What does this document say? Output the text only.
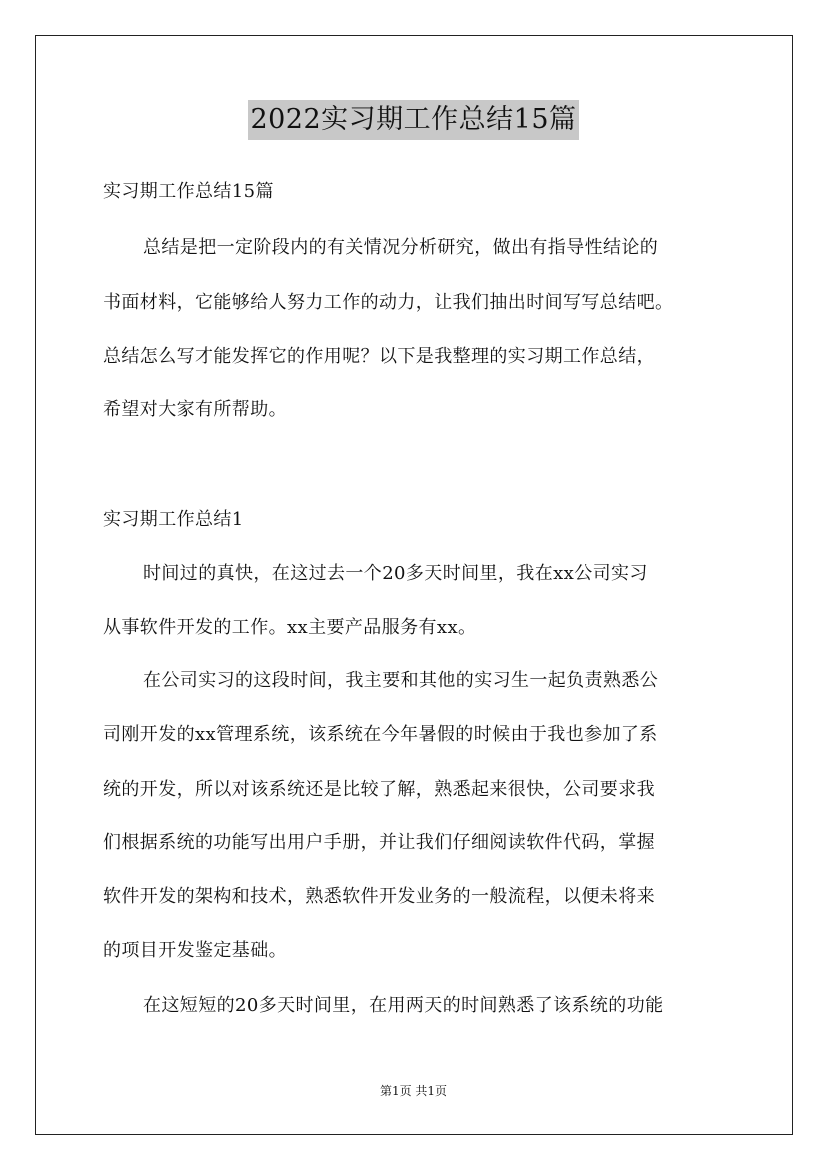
2022实习期工作总结15篇
实习期工作总结15篇
总结是把一定阶段内的有关情况分析研究，做出有指导性结论的
书面材料，它能够给人努力工作的动力，让我们抽出时间写写总结吧。
总结怎么写才能发挥它的作用呢？以下是我整理的实习期工作总结，
希望对大家有所帮助。
实习期工作总结1
时间过的真快，在这过去一个20多天时间里，我在xx公司实习
从事软件开发的工作。xx主要产品服务有xx。
在公司实习的这段时间，我主要和其他的实习生一起负责熟悉公
司刚开发的xx管理系统，该系统在今年暑假的时候由于我也参加了系
统的开发，所以对该系统还是比较了解，熟悉起来很快，公司要求我
们根据系统的功能写出用户手册，并让我们仔细阅读软件代码，掌握
软件开发的架构和技术，熟悉软件开发业务的一般流程，以便未将来
的项目开发鉴定基础。
在这短短的20多天时间里，在用两天的时间熟悉了该系统的功能
第1页 共1页
